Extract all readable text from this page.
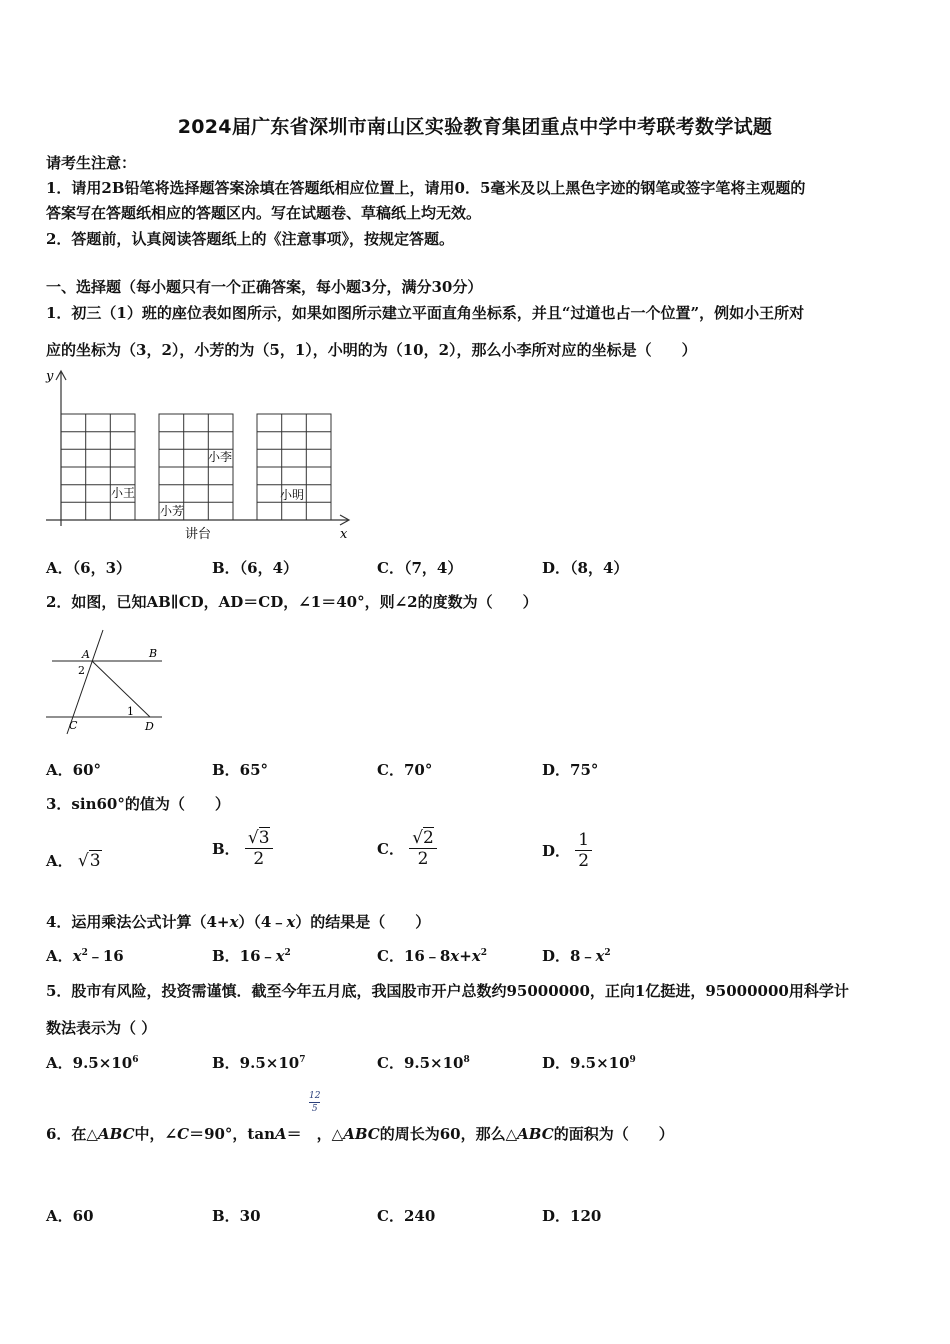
2024届广东省深圳市南山区实验教育集团重点中学中考联考数学试题
请考生注意：
1．请用2B铅笔将选择题答案涂填在答题纸相应位置上，请用0．5毫米及以上黑色字迹的钢笔或签字笔将主观题的
答案写在答题纸相应的答题区内。写在试题卷、草稿纸上均无效。
2．答题前，认真阅读答题纸上的《注意事项》，按规定答题。
一、选择题（每小题只有一个正确答案，每小题3分，满分30分）
1．初三（1）班的座位表如图所示，如果如图所示建立平面直角坐标系，并且“过道也占一个位置”，例如小王所对
应的坐标为（3，2），小芳的为（5，1），小明的为（10，2），那么小李所对应的坐标是（　　）
y
x
小王
小芳
小李
小明
讲台
A．（6，3）	B．（6，4）	C．（7，4）	D．（8，4）
2．如图，已知AB∥CD，AD＝CD，∠1＝40°，则∠2的度数为（　　）
A	B
C	D
1
2
A．60°	B．65°	C．70°	D．75°
3．sin60°的值为（　　）
A． √3
B． $\frac{√3}{2}$	C． $\frac{√2}{2}$	D． $\frac{1}{2}$
4．运用乘法公式计算（4+x）（4﹣x）的结果是（　　）
A．$x^2﹣16$	B．$16﹣x^2$	C．$16﹣8x+x^2$	D．$8﹣x^2$
5．股市有风险，投资需谨慎．截至今年五月底，我国股市开户总数约95000000，正向1亿挺进，95000000用科学计
数法表示为（ ）
A．$9.5\times 10^6$	B．$9.5\times 10^7$	C．$9.5\times 10^8$	D．$9.5\times 10^9$
$\frac{12}{5}$
6．在△ABC中，∠C＝90°，tanA＝　，△ABC的周长为60，那么△ABC的面积为（　　）
A．60	B．30	C．240	D．120
